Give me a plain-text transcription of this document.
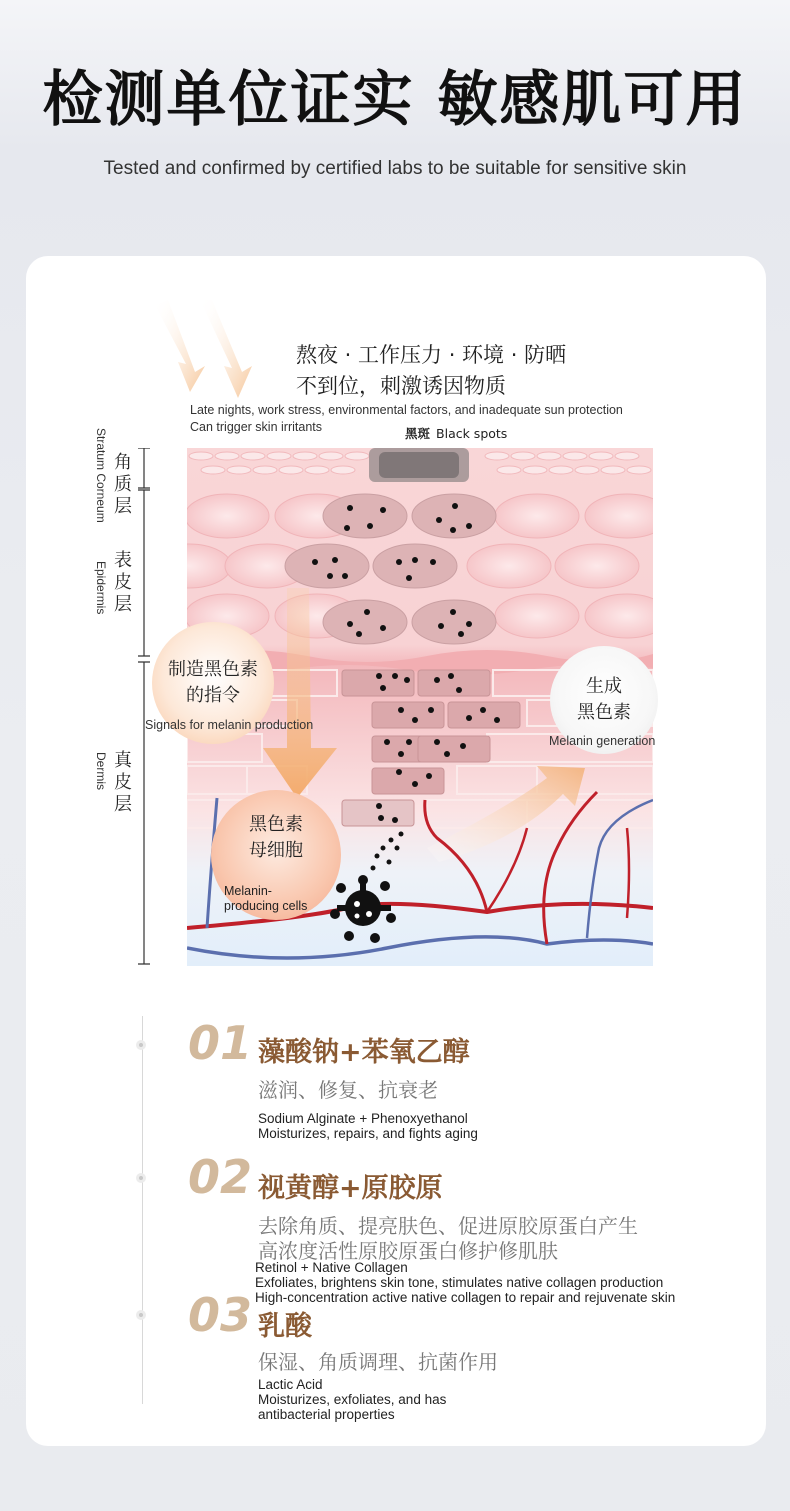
检测单位证实 敏感肌可用
Tested and confirmed by certified labs to be suitable for sensitive skin
熬夜 · 工作压力 · 环境 · 防晒
不到位，刺激诱因物质
Late nights, work stress, environmental factors, and inadequate sun protection
Can trigger skin irritants	黑斑 Black spots
Stratum Corneum 角质层
Epidermis
表皮层
Dermis 真皮层
制造黑色素
的指令
Signals for melanin production
生成
黑色素
Melanin generation
黑色素
母细胞
Melanin-
producing cells
01 藻酸钠+苯氧乙醇
滋润、修复、抗衰老
Sodium Alginate + Phenoxyethanol
Moisturizes, repairs, and fights aging
02 视黄醇+原胶原
去除角质、提亮肤色、促进原胶原蛋白产生
高浓度活性原胶原蛋白修护修肌肤
Retinol + Native Collagen
Exfoliates, brightens skin tone, stimulates native collagen production
High-concentration active native collagen to repair and rejuvenate skin
03 乳酸
保湿、角质调理、抗菌作用
Lactic Acid
Moisturizes, exfoliates, and has
antibacterial properties
